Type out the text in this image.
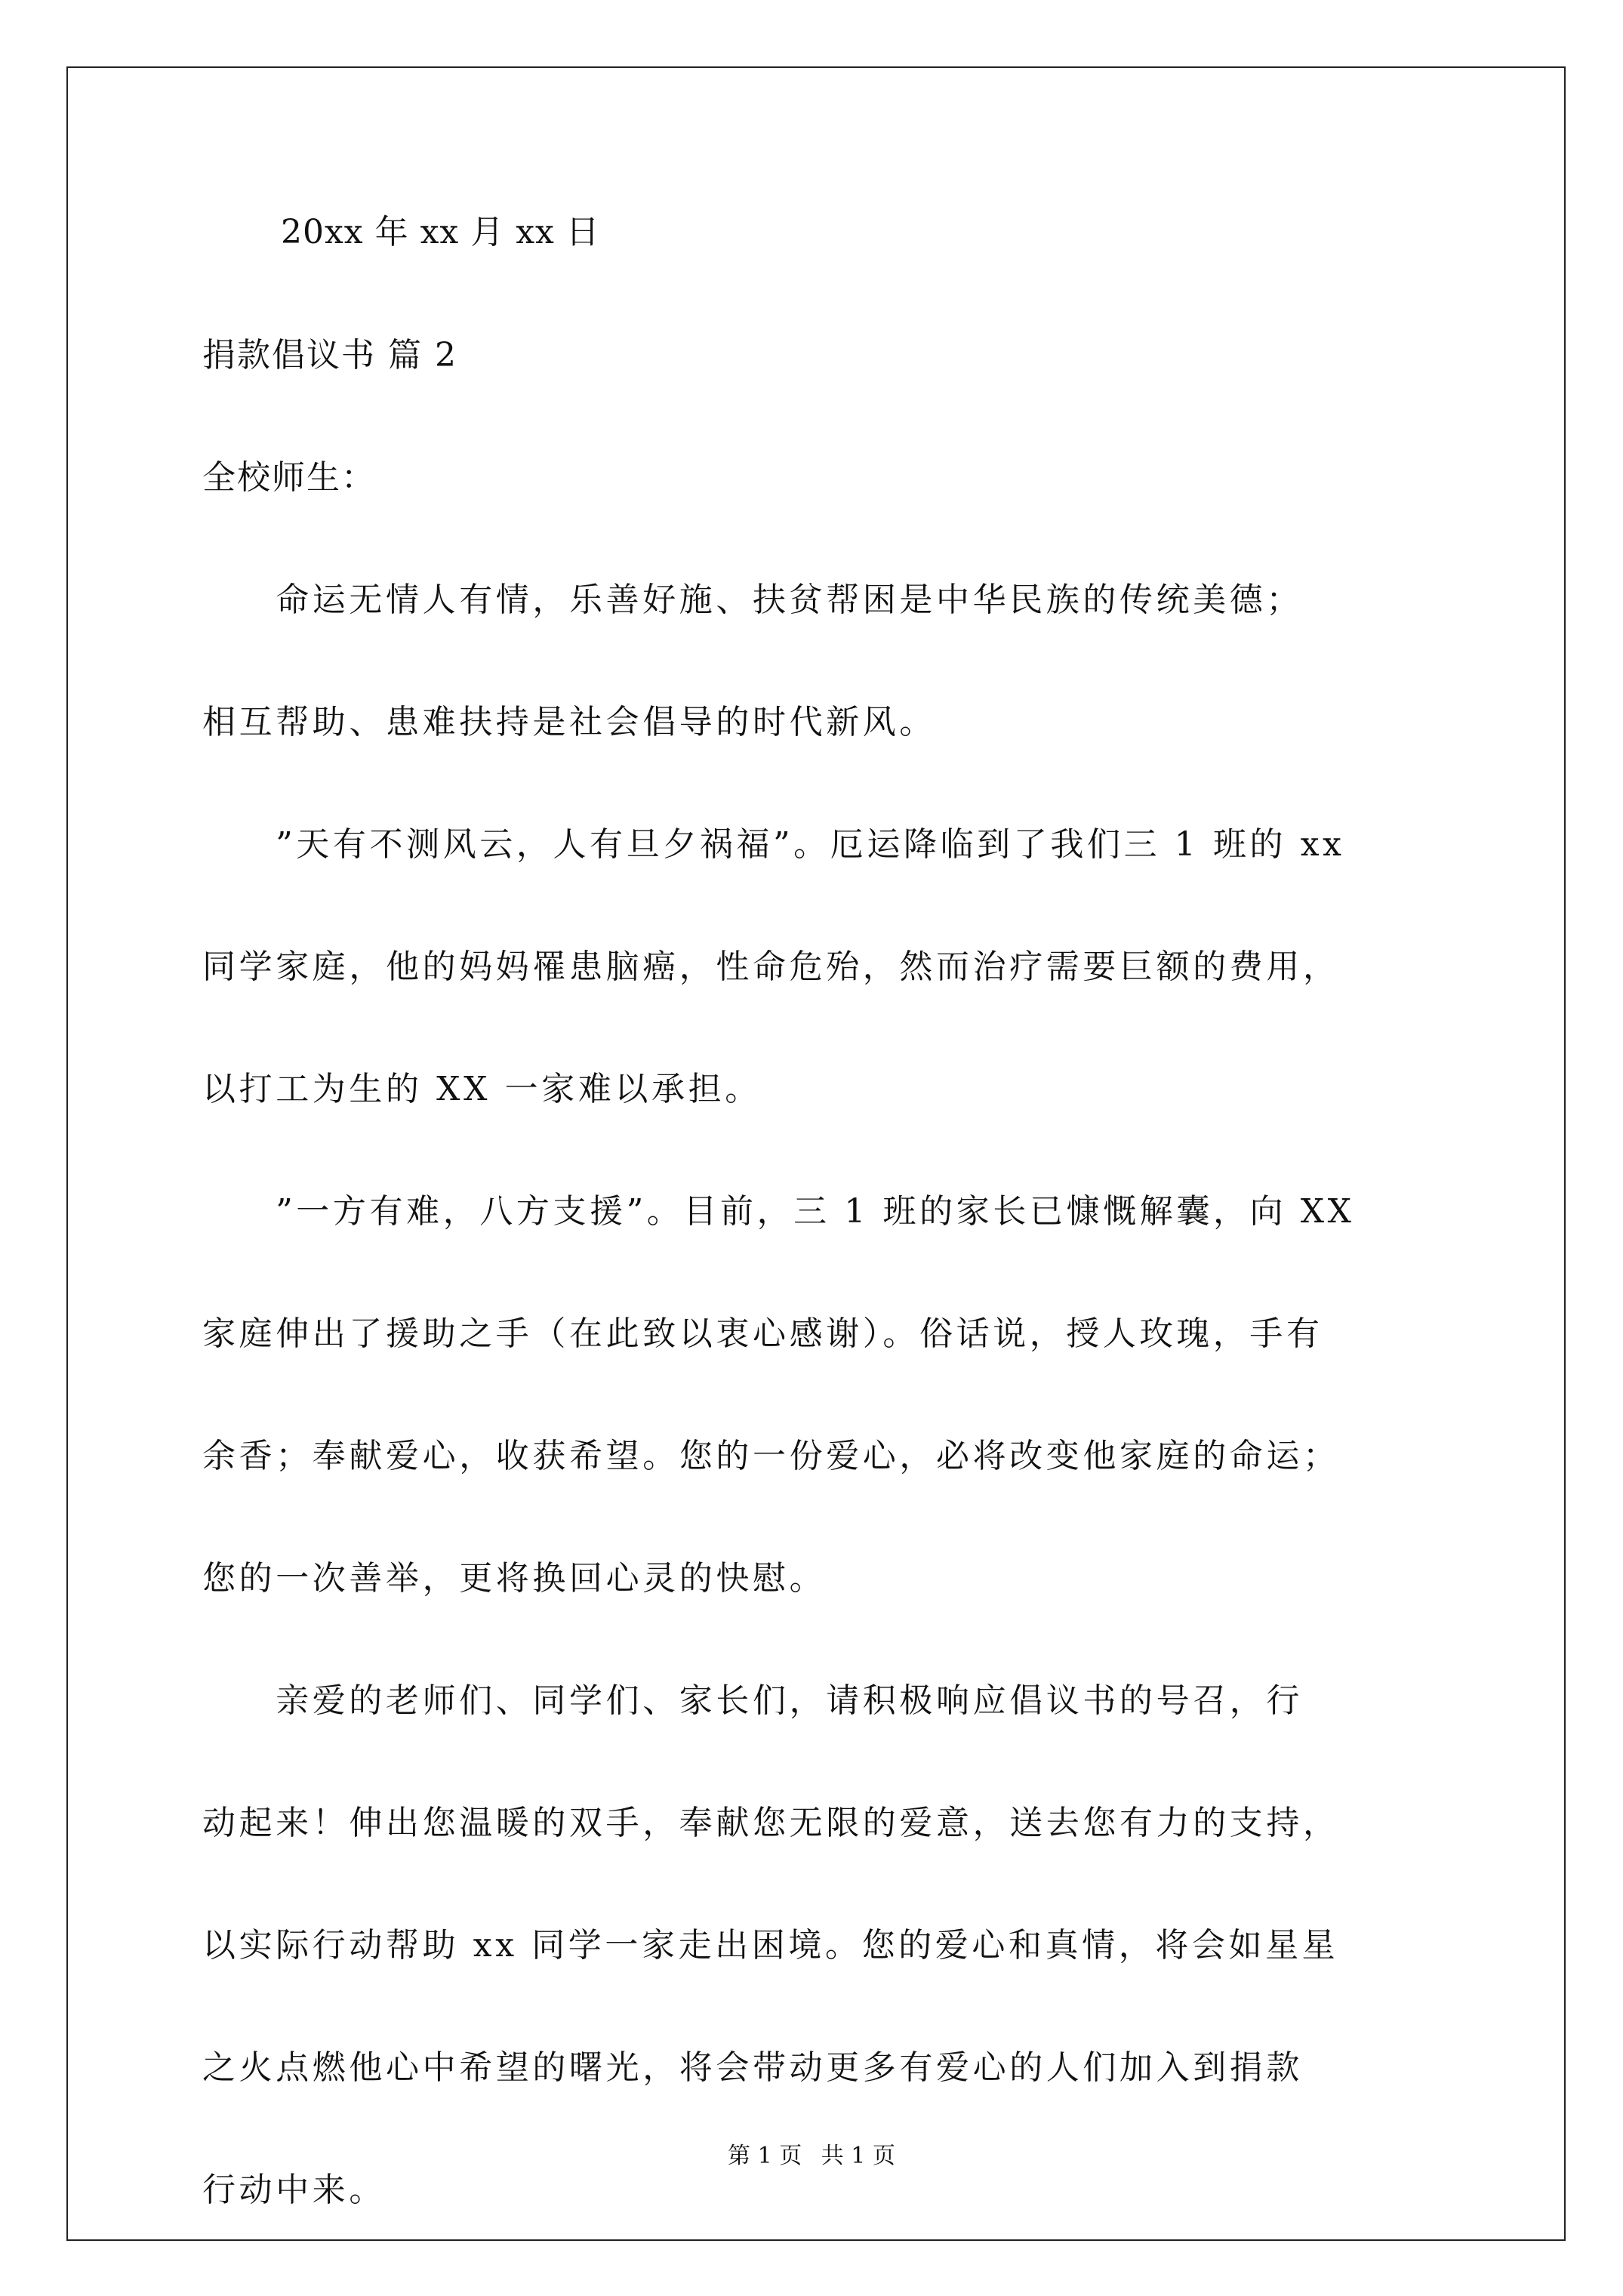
20xx 年 xx 月 xx 日
捐款倡议书 篇 2
全校师生：
　　命运无情人有情，乐善好施、扶贫帮困是中华民族的传统美德；
相互帮助、患难扶持是社会倡导的时代新风。
　　”天有不测风云，人有旦夕祸福”。厄运降临到了我们三 1 班的 xx
同学家庭，他的妈妈罹患脑癌，性命危殆，然而治疗需要巨额的费用，
以打工为生的 XX 一家难以承担。
　　”一方有难，八方支援”。目前，三 1 班的家长已慷慨解囊，向 XX
家庭伸出了援助之手（在此致以衷心感谢）。俗话说，授人玫瑰，手有
余香；奉献爱心，收获希望。您的一份爱心，必将改变他家庭的命运；
您的一次善举，更将换回心灵的快慰。
　　亲爱的老师们、同学们、家长们，请积极响应倡议书的号召，行
动起来！伸出您温暖的双手，奉献您无限的爱意，送去您有力的支持，
以实际行动帮助 xx 同学一家走出困境。您的爱心和真情，将会如星星
之火点燃他心中希望的曙光，将会带动更多有爱心的人们加入到捐款
行动中来。
第 1 页 共 1 页
